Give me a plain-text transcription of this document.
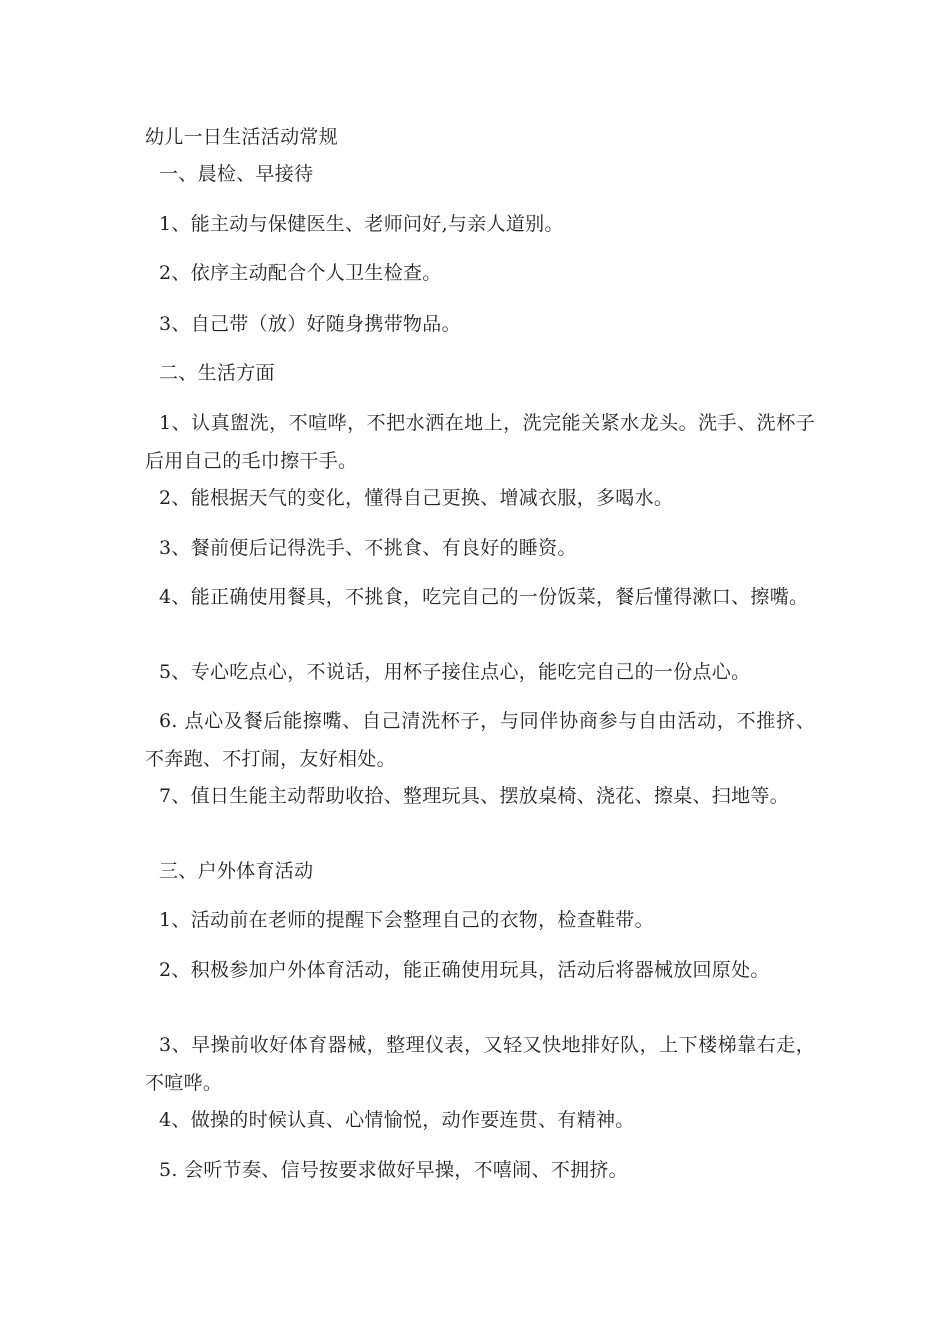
幼儿一日生活活动常规
一、晨检、早接待
1、能主动与保健医生、老师问好,与亲人道别。
2、依序主动配合个人卫生检查。
3、自己带（放）好随身携带物品。
二、生活方面
1、认真盥洗，不喧哗，不把水洒在地上，洗完能关紧水龙头。洗手、洗杯子后用自己的毛巾擦干手。
2、能根据天气的变化，懂得自己更换、增减衣服，多喝水。
3、餐前便后记得洗手、不挑食、有良好的睡资。
4、能正确使用餐具，不挑食，吃完自己的一份饭菜，餐后懂得漱口、擦嘴。
5、专心吃点心，不说话，用杯子接住点心，能吃完自己的一份点心。
6. 点心及餐后能擦嘴、自己清洗杯子，与同伴协商参与自由活动，不推挤、不奔跑、不打闹，友好相处。
7、值日生能主动帮助收拾、整理玩具、摆放桌椅、浇花、擦桌、扫地等。
三、户外体育活动
1、活动前在老师的提醒下会整理自己的衣物，检查鞋带。
2、积极参加户外体育活动，能正确使用玩具，活动后将器械放回原处。
3、早操前收好体育器械，整理仪表，又轻又快地排好队，上下楼梯靠右走，不喧哗。
4、做操的时候认真、心情愉悦，动作要连贯、有精神。
5. 会听节奏、信号按要求做好早操，不嘻闹、不拥挤。
